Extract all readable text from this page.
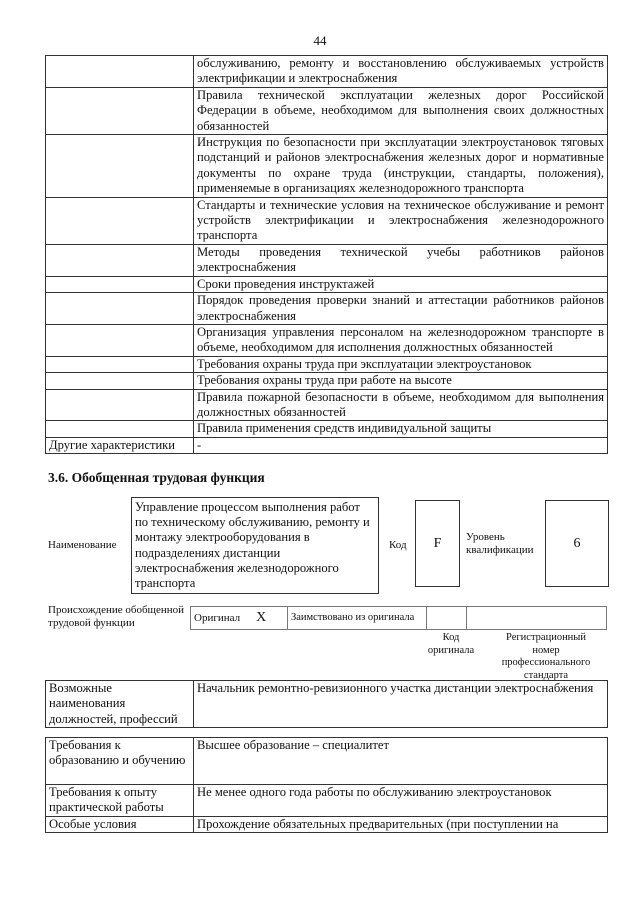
44
	обслуживанию, ремонту и восстановлению обслуживаемых устройств электрификации и электроснабжения
	Правила технической эксплуатации железных дорог Российской Федерации в объеме, необходимом для выполнения своих должностных обязанностей
	Инструкция по безопасности при эксплуатации электроустановок тяговых подстанций и районов электроснабжения железных дорог и нормативные документы по охране труда (инструкции, стандарты, положения), применяемые в организациях железнодорожного транспорта
	Стандарты и технические условия на техническое обслуживание и ремонт устройств электрификации и электроснабжения железнодорожного транспорта
	Методы проведения технической учебы работников районов электроснабжения
	Сроки проведения инструктажей
	Порядок проведения проверки знаний и аттестации работников районов электроснабжения
	Организация управления персоналом на железнодорожном транспорте в объеме, необходимом для исполнения должностных обязанностей
	Требования охраны труда при эксплуатации электроустановок
	Требования охраны труда при работе на высоте
	Правила пожарной безопасности в объеме, необходимом для выполнения должностных обязанностей
	Правила применения средств индивидуальной защиты
Другие характеристики	-
3.6. Обобщенная трудовая функция
Наименование
Управление процессом выполнения работ по техническому обслуживанию, ремонту и монтажу электрооборудования в подразделениях дистанции электроснабжения железнодорожного транспорта
Код	F	Уровень квалификации	6
Происхождение обобщенной трудовой функции	Оригинал X	Заимствовано из оригинала		
Код оригинала
Регистрационный номер профессионального стандарта
Возможные наименования должностей, профессий	Начальник ремонтно-ревизионного участка дистанции электроснабжения
Требования к образованию и обучению	Высшее образование – специалитет
Требования к опыту практической работы	Не менее одного года работы по обслуживанию электроустановок
Особые условия	Прохождение обязательных предварительных (при поступлении на
